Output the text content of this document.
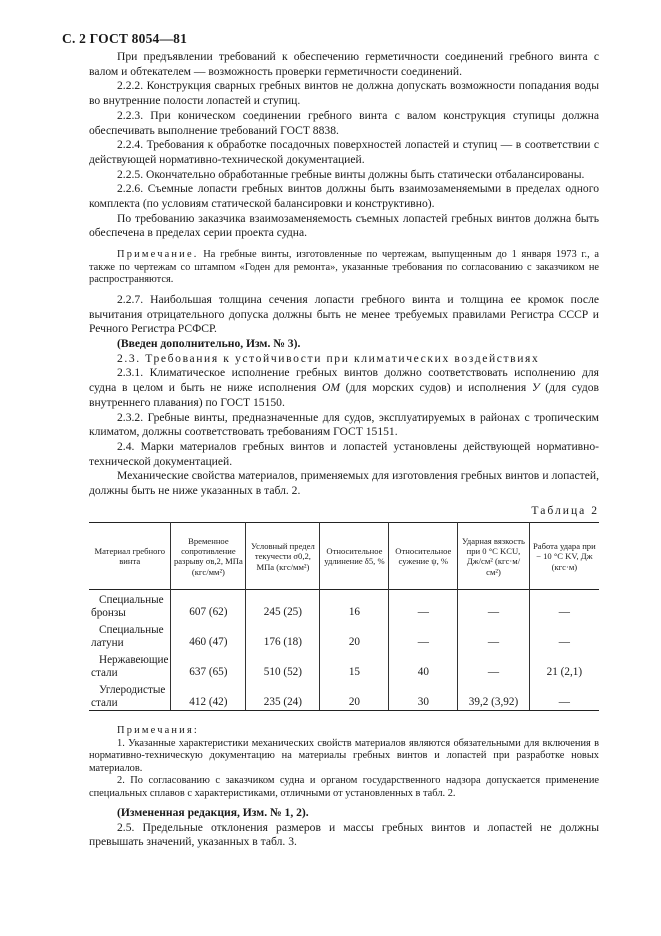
С. 2 ГОСТ 8054—81

При предъявлении требований к обеспечению герметичности соединений гребного винта с валом и обтекателем — возможность проверки герметичности соединений.

2.2.2. Конструкция сварных гребных винтов не должна допускать возможности попадания воды во внутренние полости лопастей и ступиц.

2.2.3. При коническом соединении гребного винта с валом конструкция ступицы должна обеспечивать выполнение требований ГОСТ 8838.

2.2.4. Требования к обработке посадочных поверхностей лопастей и ступиц — в соответствии с действующей нормативно-технической документацией.

2.2.5. Окончательно обработанные гребные винты должны быть статически отбалансированы.

2.2.6. Съемные лопасти гребных винтов должны быть взаимозаменяемыми в пределах одного комплекта (по условиям статической балансировки и конструктивно).

По требованию заказчика взаимозаменяемость съемных лопастей гребных винтов должна быть обеспечена в пределах серии проекта судна.

Примечание. На гребные винты, изготовленные по чертежам, выпущенным до 1 января 1973 г., а также по чертежам со штампом «Годен для ремонта», указанные требования по согласованию с заказчиком не распространяются.

2.2.7. Наибольшая толщина сечения лопасти гребного винта и толщина ее кромок после вычитания отрицательного допуска должны быть не менее требуемых правилами Регистра СССР и Речного Регистра РСФСР.

(Введен дополнительно, Изм. № 3).

2.3. Требования к устойчивости при климатических воздействиях

2.3.1. Климатическое исполнение гребных винтов должно соответствовать исполнению для судна в целом и быть не ниже исполнения ОМ (для морских судов) и исполнения У (для судов внутреннего плавания) по ГОСТ 15150.

2.3.2. Гребные винты, предназначенные для судов, эксплуатируемых в районах с тропическим климатом, должны соответствовать требованиям ГОСТ 15151.

2.4. Марки материалов гребных винтов и лопастей установлены действующей нормативно-технической документацией.

Механические свойства материалов, применяемых для изготовления гребных винтов и лопастей, должны быть не ниже указанных в табл. 2.

Таблица 2
Материал гребного винта	Временное сопротивление разрыву σв,2, МПа (кгс/мм²)	Условный предел текучести σ0,2, МПа (кгс/мм²)	Относительное удлинение δ5, %	Относительное сужение ψ, %	Ударная вязкость при 0 °С KCU, Дж/см² (кгс·м/см²)	Работа удара при − 10 °С KV, Дж (кгс·м)

Специальные
бронзы	607 (62)	245 (25)	16	—	—	—

Специальные
латуни	460 (47)	176 (18)	20	—	—	—

Нержавеющие
стали	637 (65)	510 (52)	15	40	—	21 (2,1)

Углеродистые
стали	412 (42)	235 (24)	20	30	39,2 (3,92)	—

Примечания:

1. Указанные характеристики механических свойств материалов являются обязательными для включения в нормативно-техническую документацию на материалы гребных винтов и лопастей при разработке новых материалов.

2. По согласованию с заказчиком судна и органом государственного надзора допускается применение специальных сплавов с характеристиками, отличными от установленных в табл. 2.

(Измененная редакция, Изм. № 1, 2).

2.5. Предельные отклонения размеров и массы гребных винтов и лопастей не должны превышать значений, указанных в табл. 3.
